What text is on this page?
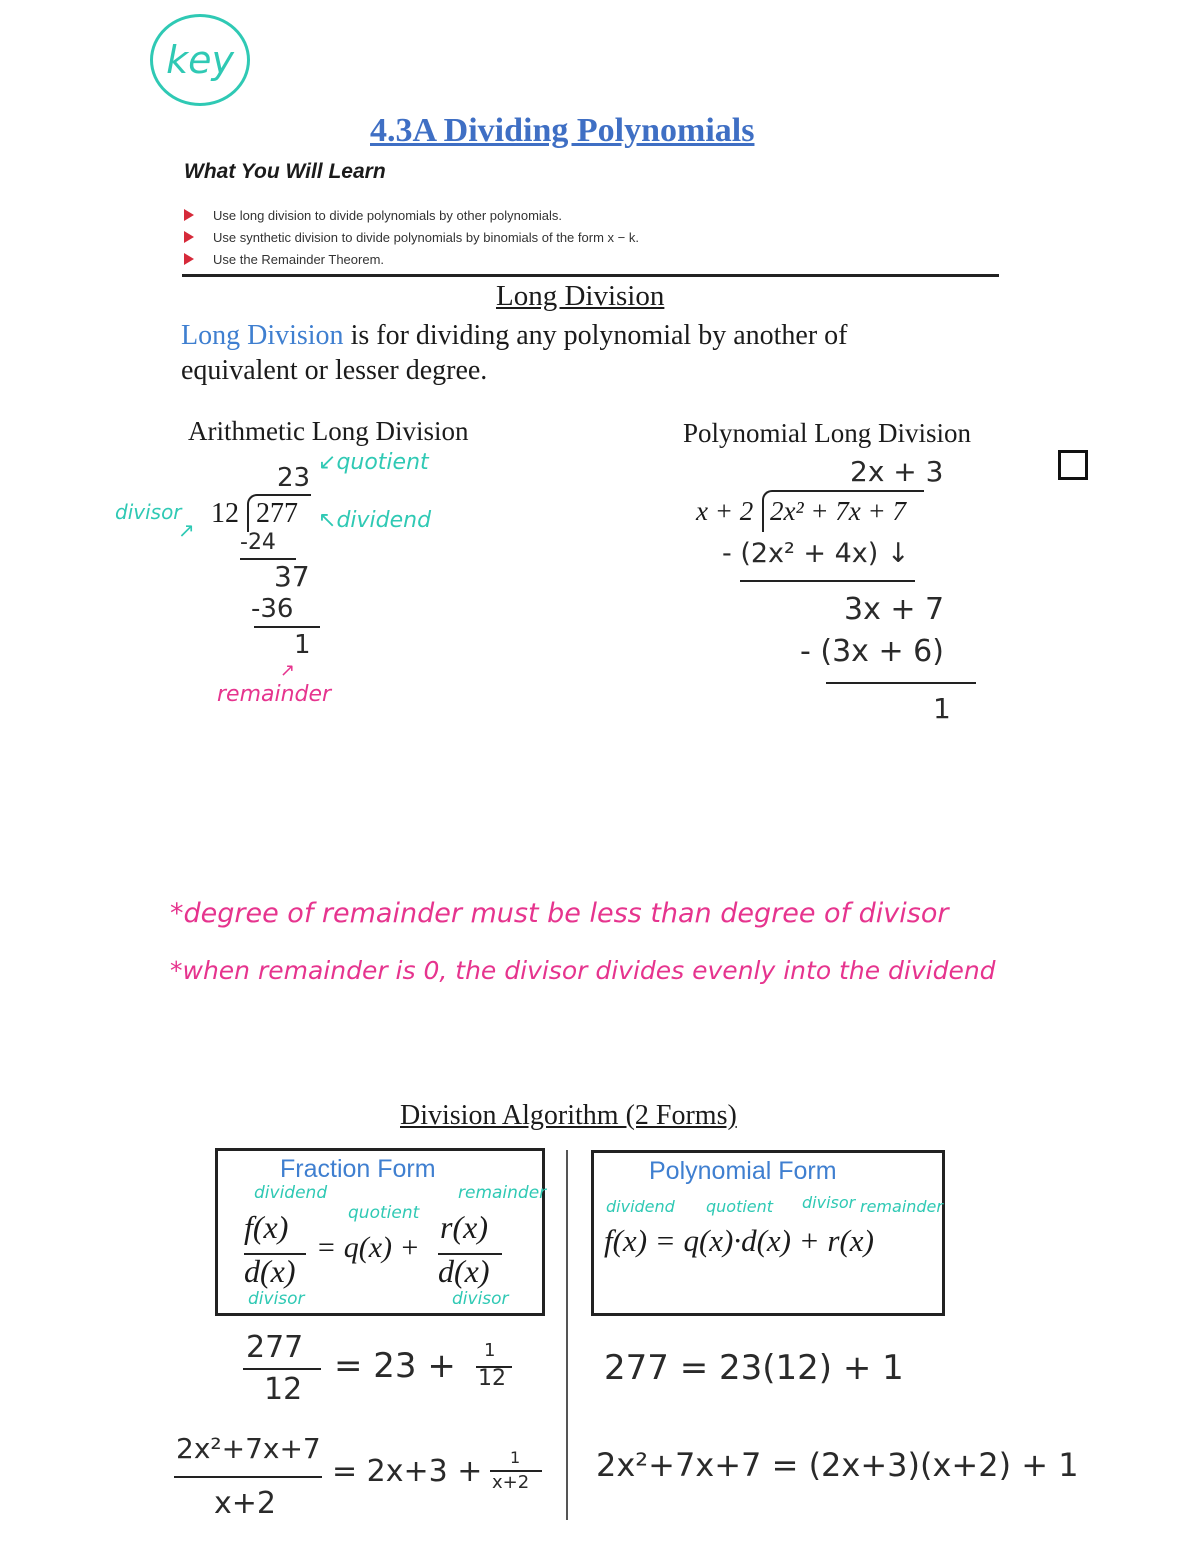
key
4.3A Dividing Polynomials
What You Will Learn
Use long division to divide polynomials by other polynomials.
Use synthetic division to divide polynomials by binomials of the form x − k.
Use the Remainder Theorem.
Long Division
Long Division is for dividing any polynomial by another of
equivalent or lesser degree.
Arithmetic Long Division
23
↙quotient
divisor
↗
12 277 ↖dividend
-24
37
-36
1
↗
remainder
Polynomial Long Division
2x + 3
x + 2 2x² + 7x + 7
- (2x² + 4x) ↓
3x + 7
- (3x + 6)
1
*degree of remainder must be less than degree of divisor
*when remainder is 0, the divisor divides evenly into the dividend
Division Algorithm (2 Forms)
Fraction Form
dividend
quotient
remainder
f(x)
d(x)
= q(x) +
r(x)
d(x)
divisor	divisor
Polynomial Form
dividend quotient divisor remainder
f(x) = q(x)·d(x) + r(x)
277
12
= 23 + 1
12
2x²+7x+7
x+2
= 2x+3 + 1
x+2
277 = 23(12) + 1
2x²+7x+7 = (2x+3)(x+2) + 1
